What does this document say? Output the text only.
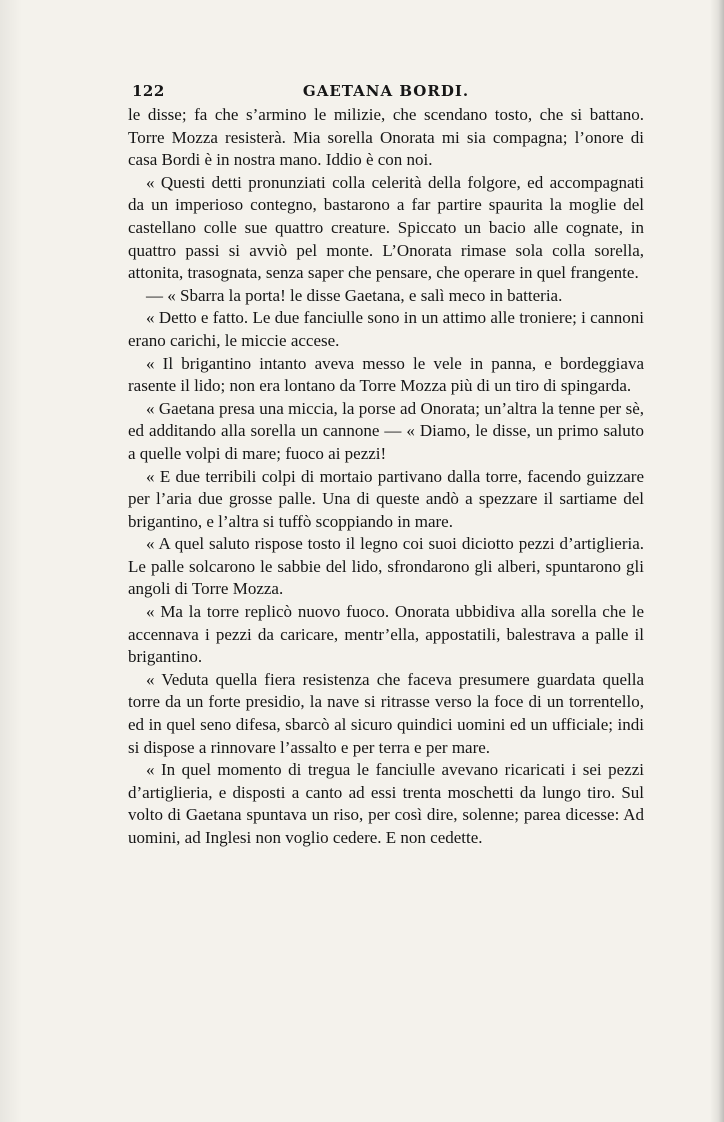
122	GAETANA BORDI.

le disse; fa che s’armino le milizie, che scendano tosto, che si battano. Torre Mozza resisterà. Mia sorella Onorata mi sia compagna; l’onore di casa Bordi è in nostra mano. Iddio è con noi.

« Questi detti pronunziati colla celerità della folgore, ed accompagnati da un imperioso contegno, bastarono a far partire spaurita la moglie del castellano colle sue quattro creature. Spiccato un bacio alle cognate, in quattro passi si avviò pel monte. L’Onorata rimase sola colla sorella, attonita, trasognata, senza saper che pensare, che operare in quel frangente.

— « Sbarra la porta! le disse Gaetana, e salì meco in batteria.

« Detto e fatto. Le due fanciulle sono in un attimo alle troniere; i cannoni erano carichi, le miccie accese.

« Il brigantino intanto aveva messo le vele in panna, e bordeggiava rasente il lido; non era lontano da Torre Mozza più di un tiro di spingarda.

« Gaetana presa una miccia, la porse ad Onorata; un’altra la tenne per sè, ed additando alla sorella un cannone — « Diamo, le disse, un primo saluto a quelle volpi di mare; fuoco ai pezzi!

« E due terribili colpi di mortaio partivano dalla torre, facendo guizzare per l’aria due grosse palle. Una di queste andò a spezzare il sartiame del brigantino, e l’altra si tuffò scoppiando in mare.

« A quel saluto rispose tosto il legno coi suoi diciotto pezzi d’artiglieria. Le palle solcarono le sabbie del lido, sfrondarono gli alberi, spuntarono gli angoli di Torre Mozza.

« Ma la torre replicò nuovo fuoco. Onorata ubbidiva alla sorella che le accennava i pezzi da caricare, mentr’ella, appostatili, balestrava a palle il brigantino.

« Veduta quella fiera resistenza che faceva presumere guardata quella torre da un forte presidio, la nave si ritrasse verso la foce di un torrentello, ed in quel seno difesa, sbarcò al sicuro quindici uomini ed un ufficiale; indi si dispose a rinnovare l’assalto e per terra e per mare.

« In quel momento di tregua le fanciulle avevano ricaricati i sei pezzi d’artiglieria, e disposti a canto ad essi trenta moschetti da lungo tiro. Sul volto di Gaetana spuntava un riso, per così dire, solenne; parea dicesse: Ad uomini, ad Inglesi non voglio cedere. E non cedette.
